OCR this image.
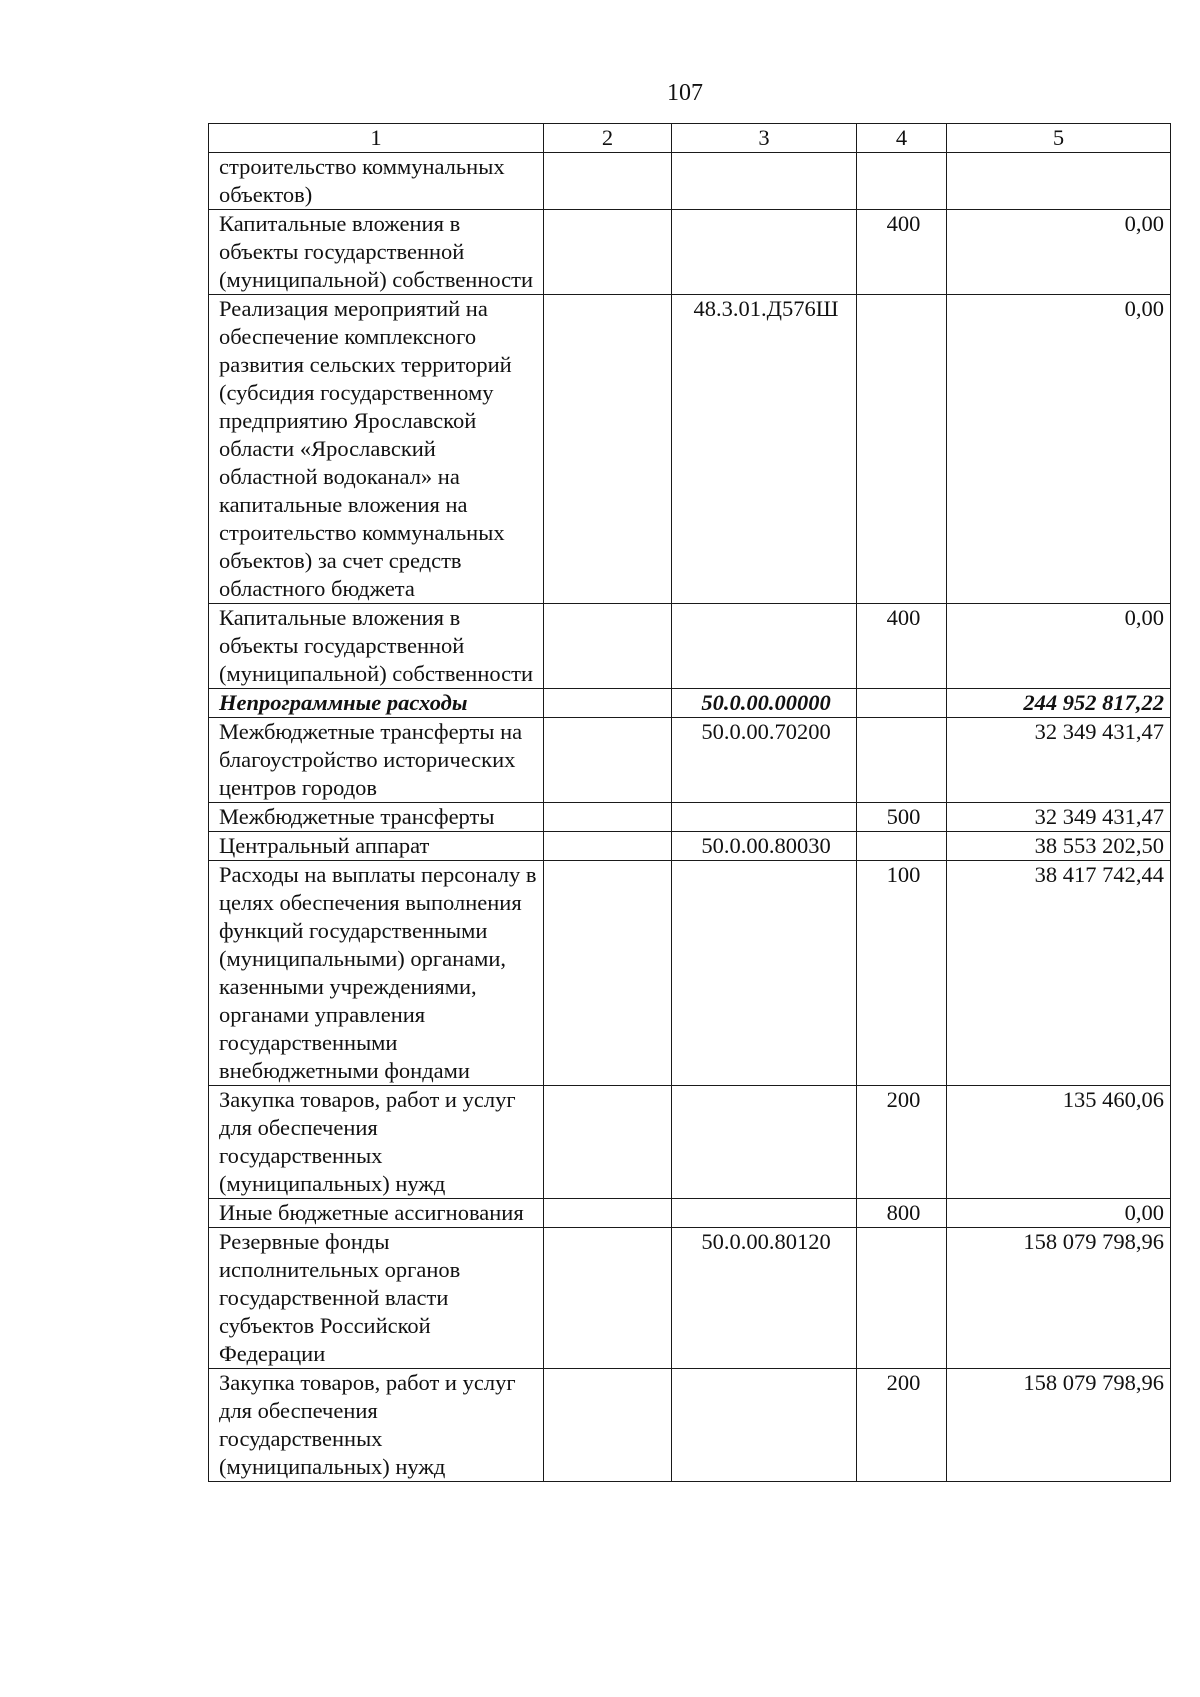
107
1	2	3	4	5
строительство коммунальных объектов)				
Капитальные вложения в объекты государственной (муниципальной) собственности			400	0,00
Реализация мероприятий на обеспечение комплексного развития сельских территорий (субсидия государственному предприятию Ярославской области «Ярославский областной водоканал» на капитальные вложения на строительство коммунальных объектов) за счет средств областного бюджета		48.3.01.Д576Ш		0,00
Капитальные вложения в объекты государственной (муниципальной) собственности			400	0,00
Непрограммные расходы		50.0.00.00000		244 952 817,22
Межбюджетные трансферты на благоустройство исторических центров городов		50.0.00.70200		32 349 431,47
Межбюджетные трансферты			500	32 349 431,47
Центральный аппарат		50.0.00.80030		38 553 202,50
Расходы на выплаты персоналу в целях обеспечения выполнения функций государственными (муниципальными) органами, казенными учреждениями, органами управления государственными внебюджетными фондами			100	38 417 742,44
Закупка товаров, работ и услуг для обеспечения государственных (муниципальных) нужд			200	135 460,06
Иные бюджетные ассигнования			800	0,00
Резервные фонды исполнительных органов государственной власти субъектов Российской Федерации		50.0.00.80120		158 079 798,96
Закупка товаров, работ и услуг для обеспечения государственных (муниципальных) нужд			200	158 079 798,96
